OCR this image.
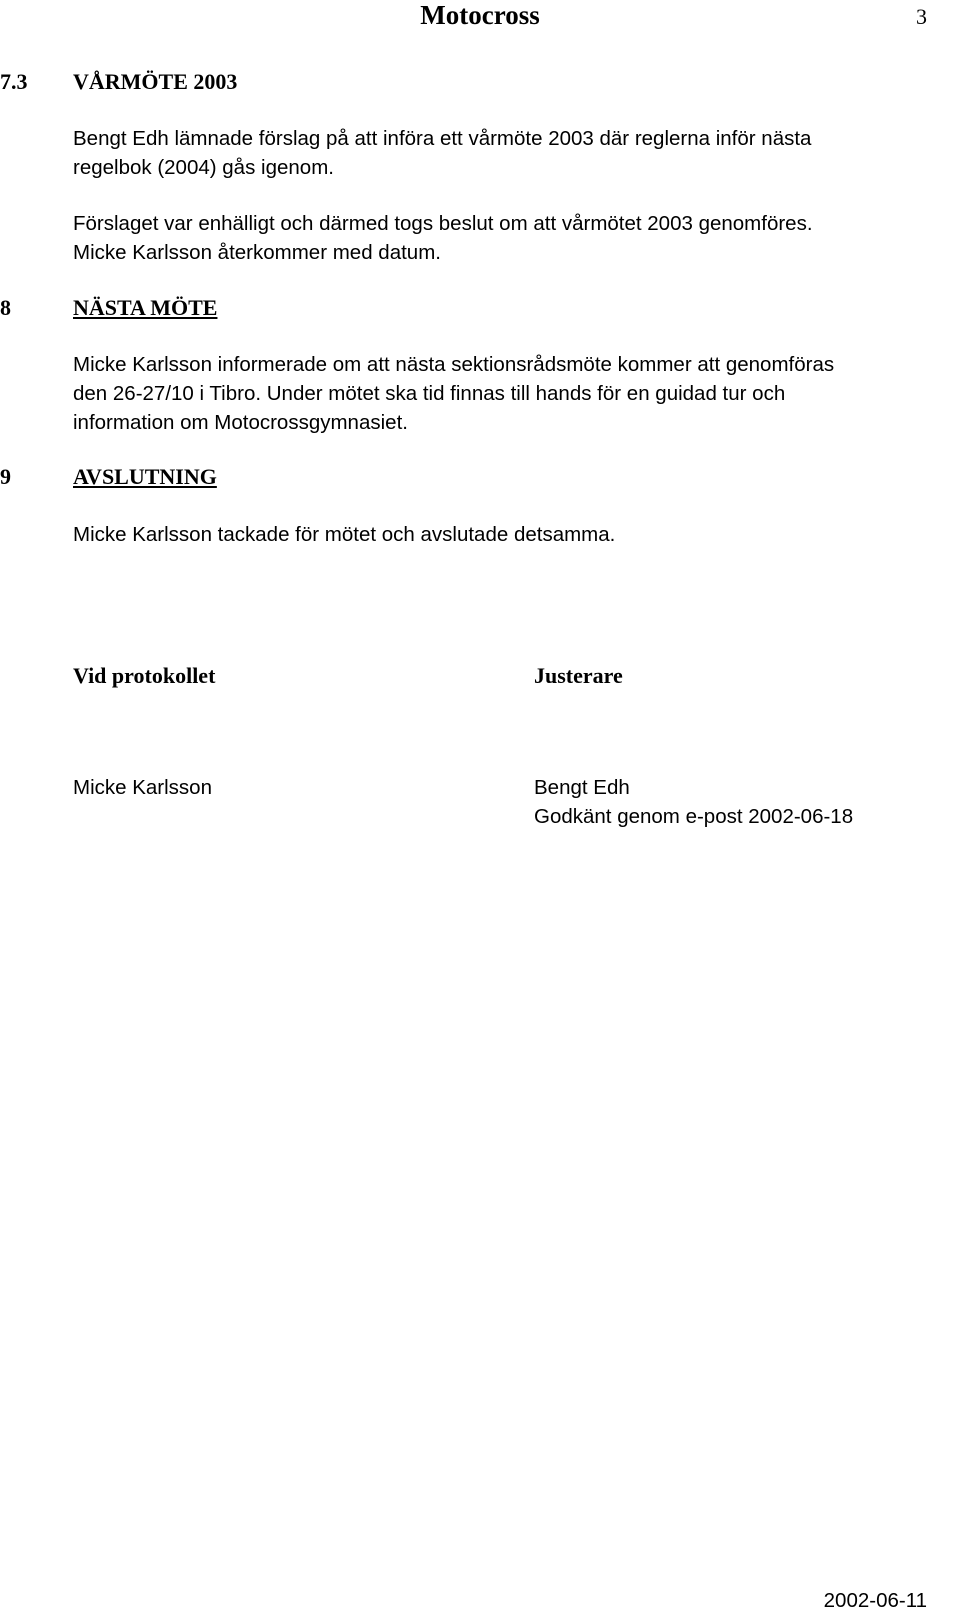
Motocross	3
7.3 VÅRMÖTE 2003
Bengt Edh lämnade förslag på att införa ett vårmöte 2003 där reglerna inför nästa
regelbok (2004) gås igenom.
Förslaget var enhälligt och därmed togs beslut om att vårmötet 2003 genomföres.
Micke Karlsson återkommer med datum.
8	NÄSTA MÖTE
Micke Karlsson informerade om att nästa sektionsrådsmöte kommer att genomföras
den 26-27/10 i Tibro. Under mötet ska tid finnas till hands för en guidad tur och
information om Motocrossgymnasiet.
9	AVSLUTNING
Micke Karlsson tackade för mötet och avslutade detsamma.
Vid protokollet	Justerare
Micke Karlsson	Bengt Edh
Godkänt genom e-post 2002-06-18
2002-06-11
